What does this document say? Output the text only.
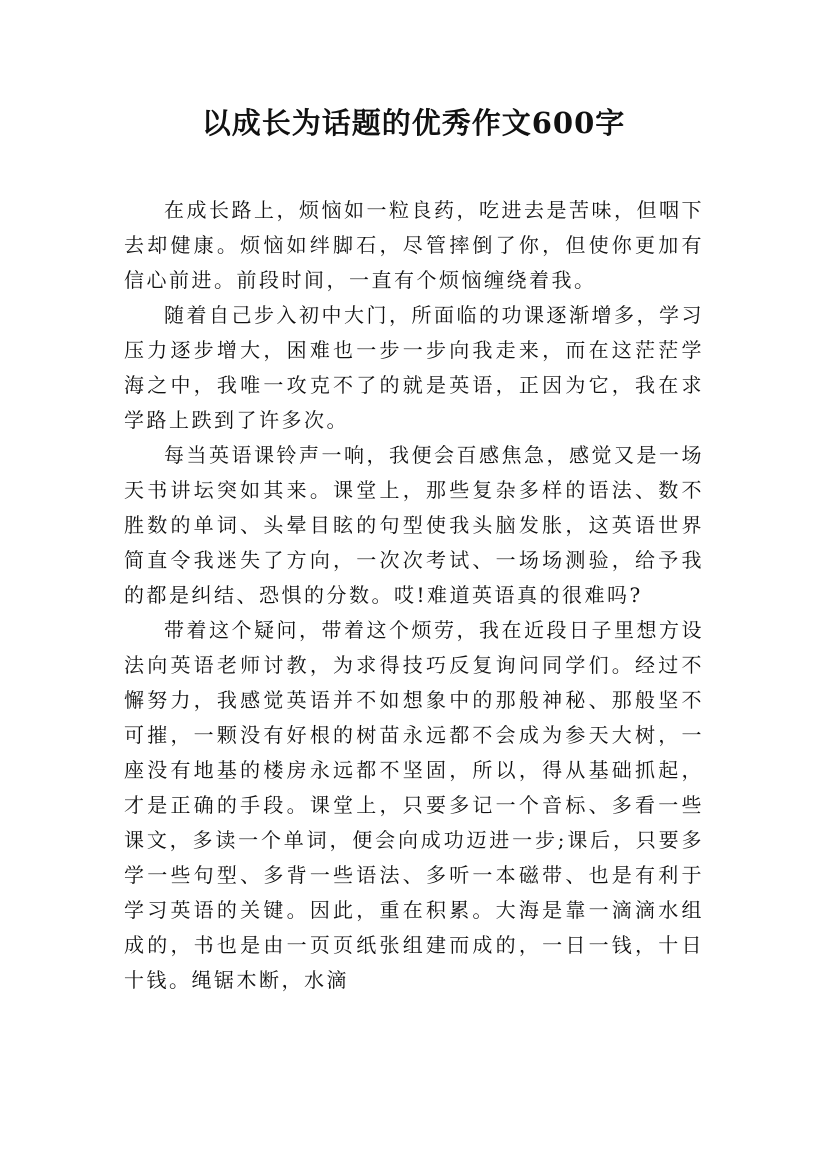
以成长为话题的优秀作文600字

在成长路上，烦恼如一粒良药，吃进去是苦味，但咽下去却健康。烦恼如绊脚石，尽管摔倒了你，但使你更加有信心前进。前段时间，一直有个烦恼缠绕着我。

随着自己步入初中大门，所面临的功课逐渐增多，学习压力逐步增大，困难也一步一步向我走来，而在这茫茫学海之中，我唯一攻克不了的就是英语，正因为它，我在求学路上跌到了许多次。

每当英语课铃声一响，我便会百感焦急，感觉又是一场天书讲坛突如其来。课堂上，那些复杂多样的语法、数不胜数的单词、头晕目眩的句型使我头脑发胀，这英语世界简直令我迷失了方向，一次次考试、一场场测验，给予我的都是纠结、恐惧的分数。哎!难道英语真的很难吗?

带着这个疑问，带着这个烦劳，我在近段日子里想方设法向英语老师讨教，为求得技巧反复询问同学们。经过不懈努力，我感觉英语并不如想象中的那般神秘、那般坚不可摧，一颗没有好根的树苗永远都不会成为参天大树，一座没有地基的楼房永远都不坚固，所以，得从基础抓起，才是正确的手段。课堂上，只要多记一个音标、多看一些课文，多读一个单词，便会向成功迈进一步;课后，只要多学一些句型、多背一些语法、多听一本磁带、也是有利于学习英语的关键。因此，重在积累。大海是靠一滴滴水组成的，书也是由一页页纸张组建而成的，一日一钱，十日十钱。绳锯木断，水滴
